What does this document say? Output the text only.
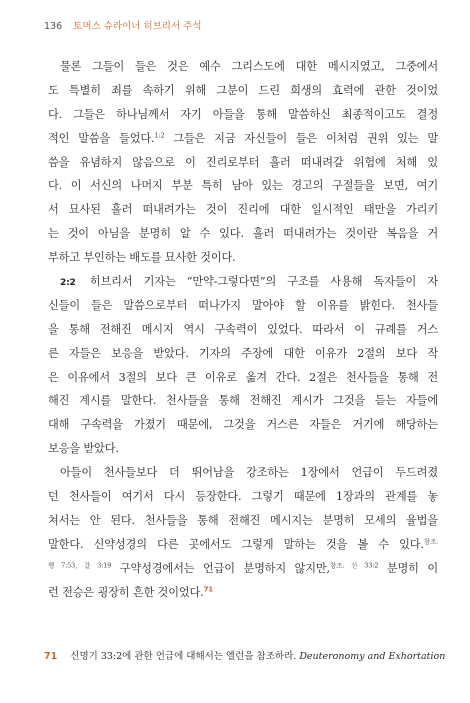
136 토머스 슈라이너 히브리서 주석
물론 그들이 들은 것은 예수 그리스도에 대한 메시지였고, 그중에서
도 특별히 죄를 속하기 위해 그분이 드린 희생의 효력에 관한 것이었
다. 그들은 하나님께서 자기 아들을 통해 말씀하신 최종적이고도 결정
적인 말씀을 들었다.$^{1:2}$ 그들은 지금 자신들이 들은 이처럼 권위 있는 말
씀을 유념하지 않음으로 이 진리로부터 흘러 떠내려갈 위험에 처해 있
다. 이 서신의 나머지 부분 특히 남아 있는 경고의 구절들을 보면, 여기
서 묘사된 흘러 떠내려가는 것이 진리에 대한 일시적인 태만을 가리키
는 것이 아님을 분명히 알 수 있다. 흘러 떠내려가는 것이란 복음을 거
부하고 부인하는 배도를 묘사한 것이다.
2:2 히브리서 기자는 “만약-그렇다면”의 구조를 사용해 독자들이 자
신들이 들은 말씀으로부터 떠나가지 말아야 할 이유를 밝힌다. 천사들
을 통해 전해진 메시지 역시 구속력이 있었다. 따라서 이 규례를 거스
른 자들은 보응을 받았다. 기자의 주장에 대한 이유가 2절의 보다 작
은 이유에서 3절의 보다 큰 이유로 옮겨 간다. 2절은 천사들을 통해 전
해진 계시를 말한다. 천사들을 통해 전해진 계시가 그것을 듣는 자들에
대해 구속력을 가졌기 때문에, 그것을 거스른 자들은 거기에 해당하는
보응을 받았다.
아들이 천사들보다 더 뛰어남을 강조하는 1장에서 언급이 두드려졌
던 천사들이 여기서 다시 등장한다. 그렇기 때문에 1장과의 관계를 놓
쳐서는 안 된다. 천사들을 통해 전해진 메시지는 분명히 모세의 율법을
말한다. 신약성경의 다른 곳에서도 그렇게 말하는 것을 볼 수 있다.$^{참조.}$
$^{행 7:53, 갈 3:19}$ 구약성경에서는 언급이 분명하지 않지만,$^{참조. 신 33:2}$ 분명히 이
런 전승은 굉장히 흔한 것이었다.$^{71}$
71 신명기 33:2에 관한 언급에 대해서는 엘런을 참조하라. Deuteronomy and Exhortation
